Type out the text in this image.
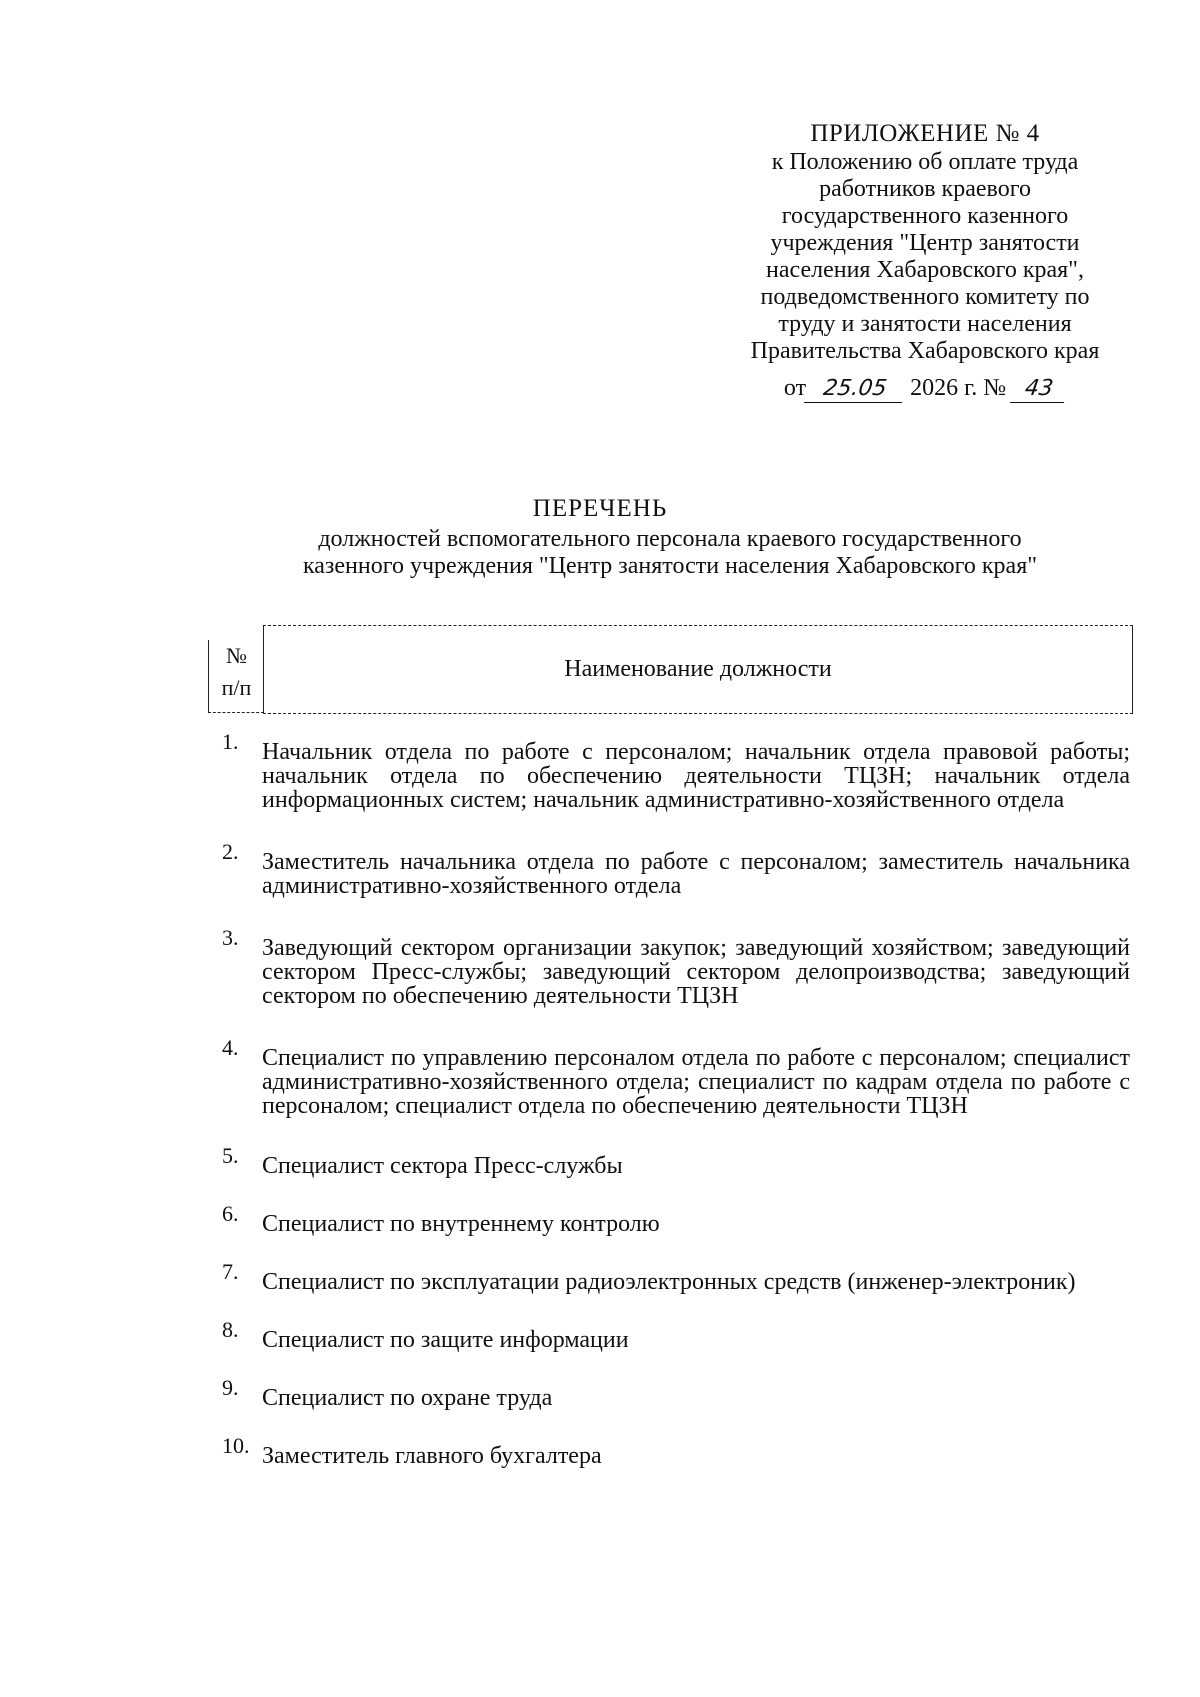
ПРИЛОЖЕНИЕ № 4
к Положению об оплате труда
работников краевого
государственного казенного
учреждения "Центр занятости
населения Хабаровского края",
подведомственного комитету по
труду и занятости населения
Правительства Хабаровского края
от 25.05 2026 г. № 43
ПЕРЕЧЕНЬ
должностей вспомогательного персонала краевого государственного
казенного учреждения "Центр занятости населения Хабаровского края"
№
п/п
Наименование должности
1. Начальник отдела по работе с персоналом; начальник отдела правовой работы; начальник отдела по обеспечению деятельности ТЦЗН; начальник отдела информационных систем; начальник административно-хозяйственного отдела
2. Заместитель начальника отдела по работе с персоналом; заместитель начальника административно-хозяйственного отдела
3. Заведующий сектором организации закупок; заведующий хозяйством; заведующий сектором Пресс-службы; заведующий сектором делопроизводства; заведующий сектором по обеспечению деятельности ТЦЗН
4. Специалист по управлению персоналом отдела по работе с персоналом; специалист административно-хозяйственного отдела; специалист по кадрам отдела по работе с персоналом; специалист отдела по обеспечению деятельности ТЦЗН
5. Специалист сектора Пресс-службы
6. Специалист по внутреннему контролю
7. Специалист по эксплуатации радиоэлектронных средств (инженер-электроник)
8. Специалист по защите информации
9. Специалист по охране труда
10. Заместитель главного бухгалтера
